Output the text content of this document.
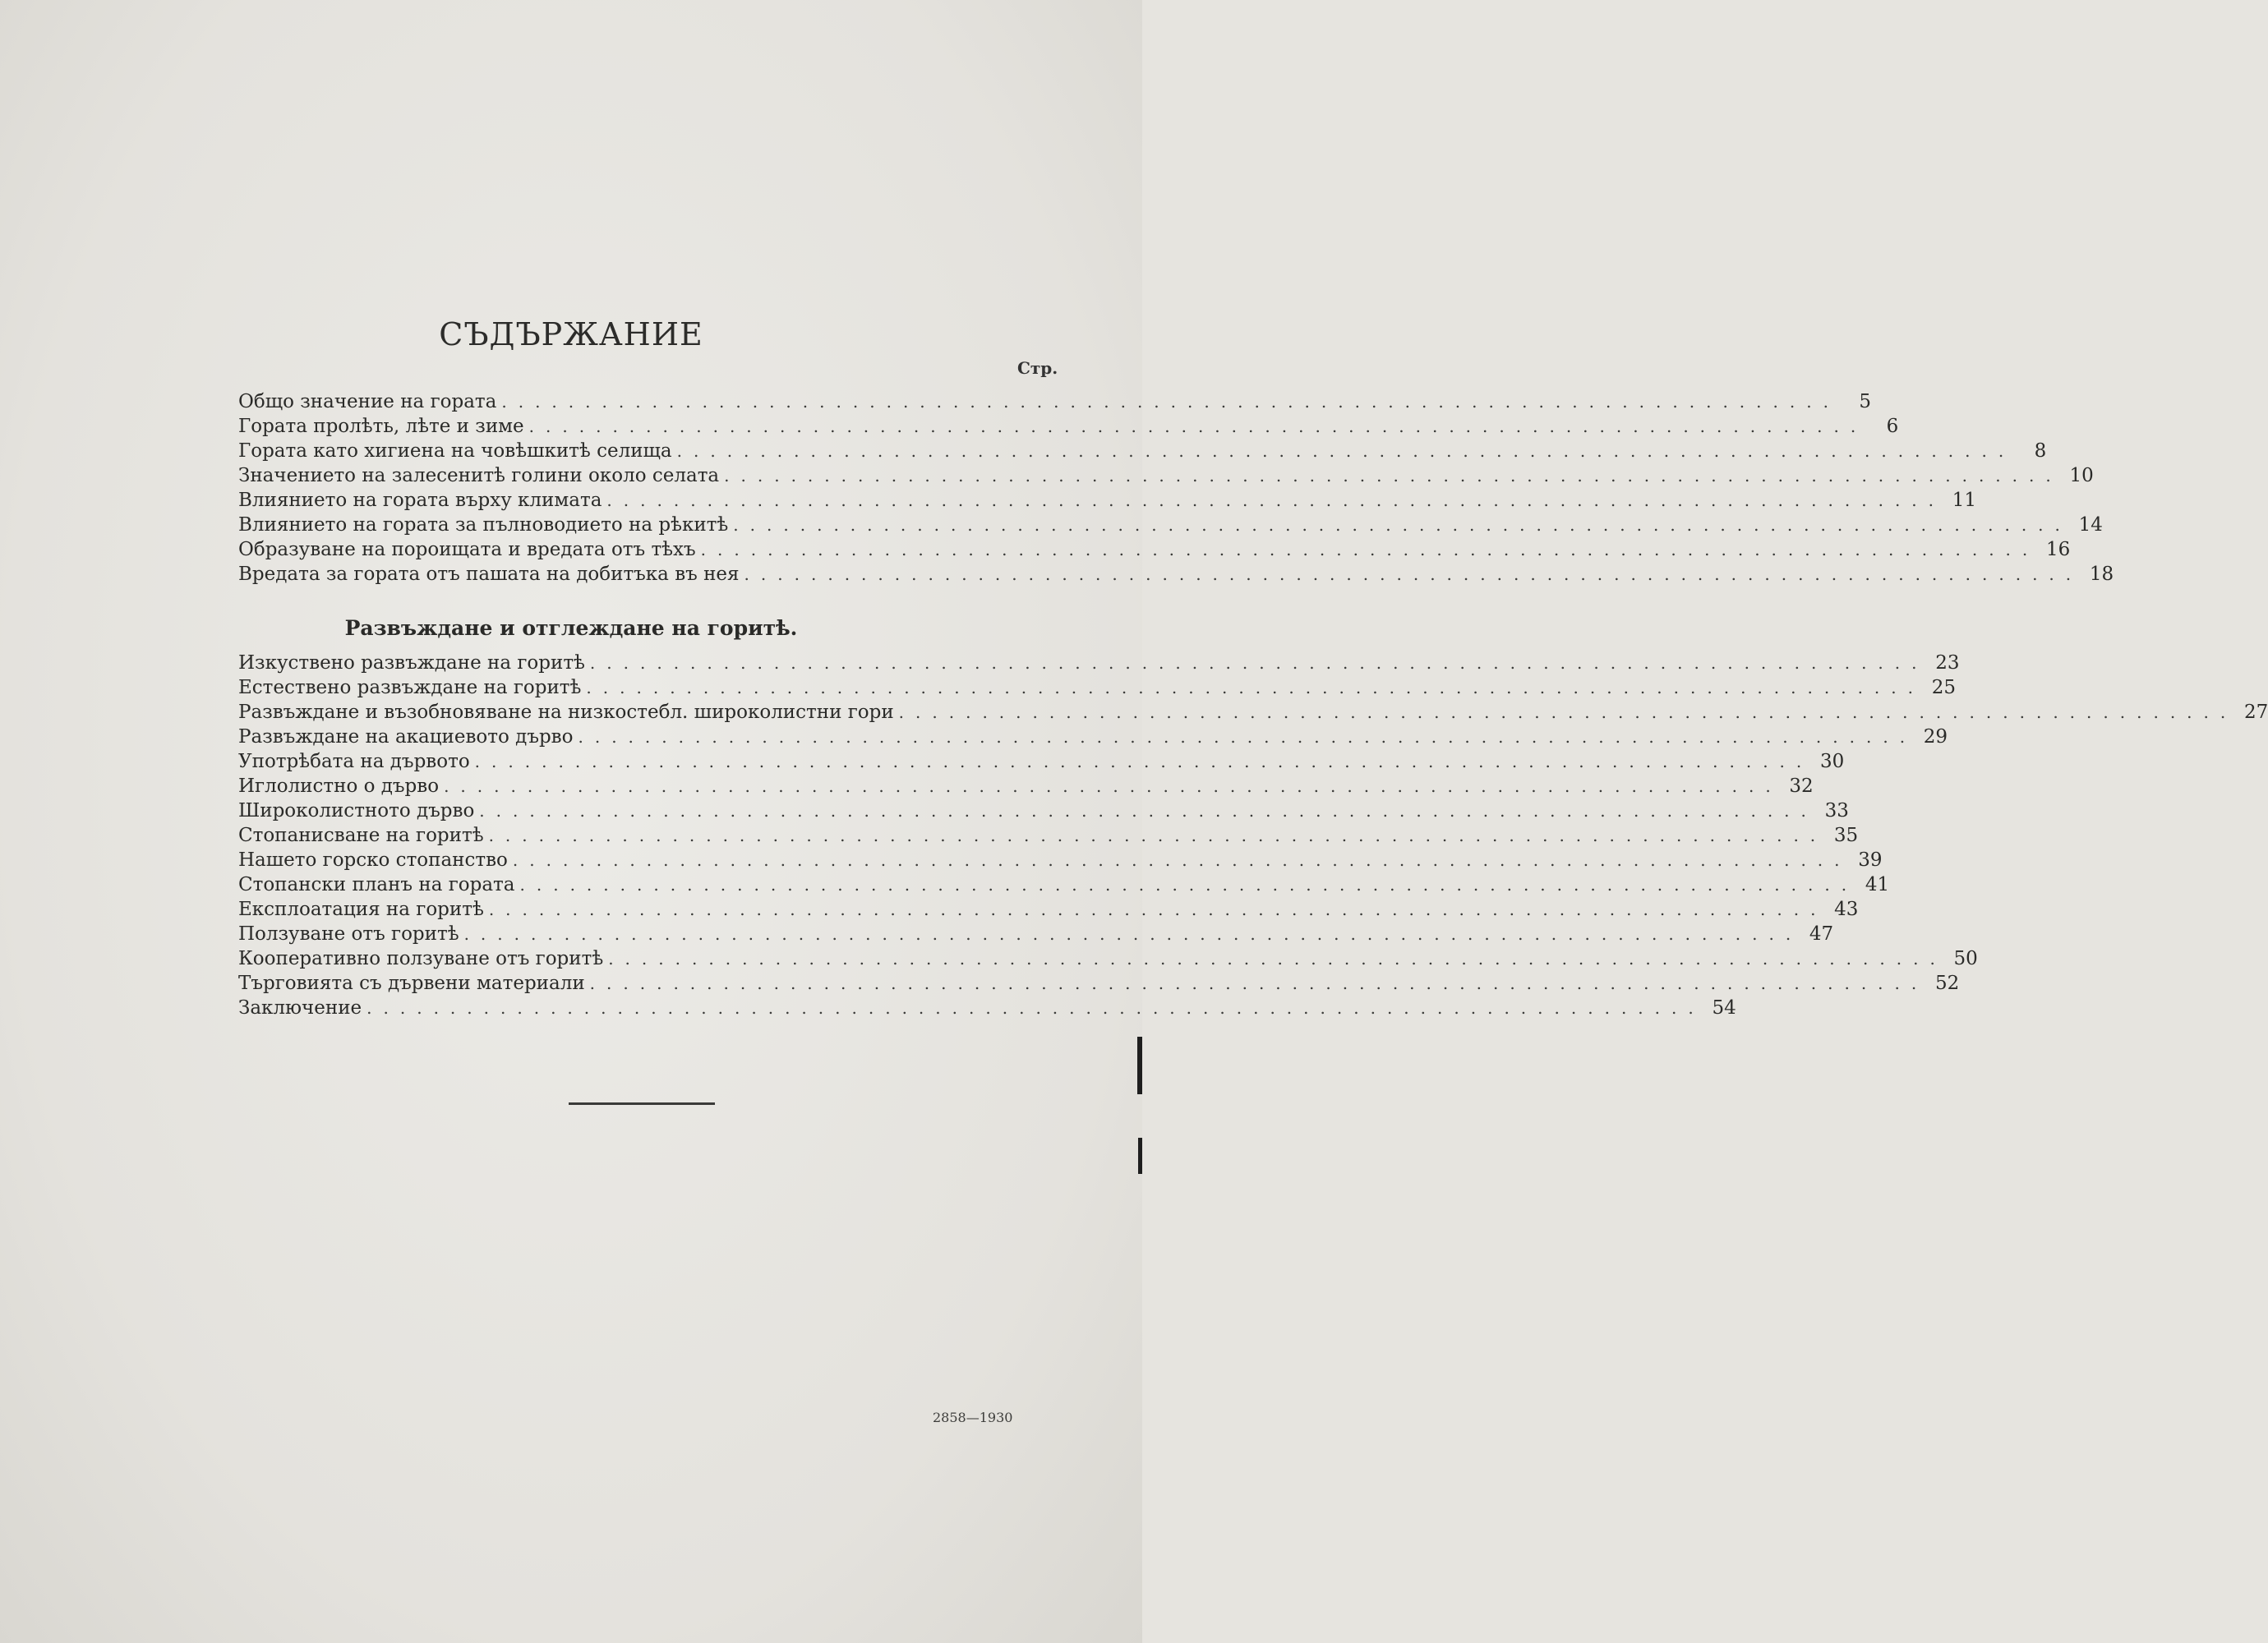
СЪДЪРЖАНИЕ
Стр.
Общо значение на гората ................................................................................	5
Гората пролѣть, лѣте и зиме ................................................................................	6
Гората като хигиена на човѣшкитѣ селища ................................................................................	8
Значението на залесенитѣ голини около селата ................................................................................ 10
Влиянието на гората върху климата ................................................................................ 11
Влиянието на гората за пълноводието на рѣкитѣ ................................................................................ 14
Образуване на пороищата и вредата отъ тѣхъ ................................................................................ 16
Вредата за гората отъ пашата на добитъка въ нея ................................................................................ 18
Развъждане и отглеждане на горитѣ.
Изкуствено развъждане на горитѣ ................................................................................ 23
Естествено развъждане на горитѣ ................................................................................ 25
Развъждане и възобновяване на низкостебл. широколистни гори ................................................................................ 27
Развъждане на акациевото дърво ................................................................................ 29
Употрѣбата на дървото ................................................................................ 30
Иглолистно о дърво ................................................................................ 32
Широколистното дърво ................................................................................ 33
Стопанисване на горитѣ ................................................................................ 35
Нашето горско стопанство ................................................................................ 39
Стопански планъ на гората ................................................................................ 41
Експлоатация на горитѣ ................................................................................ 43
Ползуване отъ горитѣ ................................................................................ 47
Кооперативно ползуване отъ горитѣ ................................................................................ 50
Търговията съ дървени материали ................................................................................ 52
Заключение ................................................................................ 54
2858—1930
